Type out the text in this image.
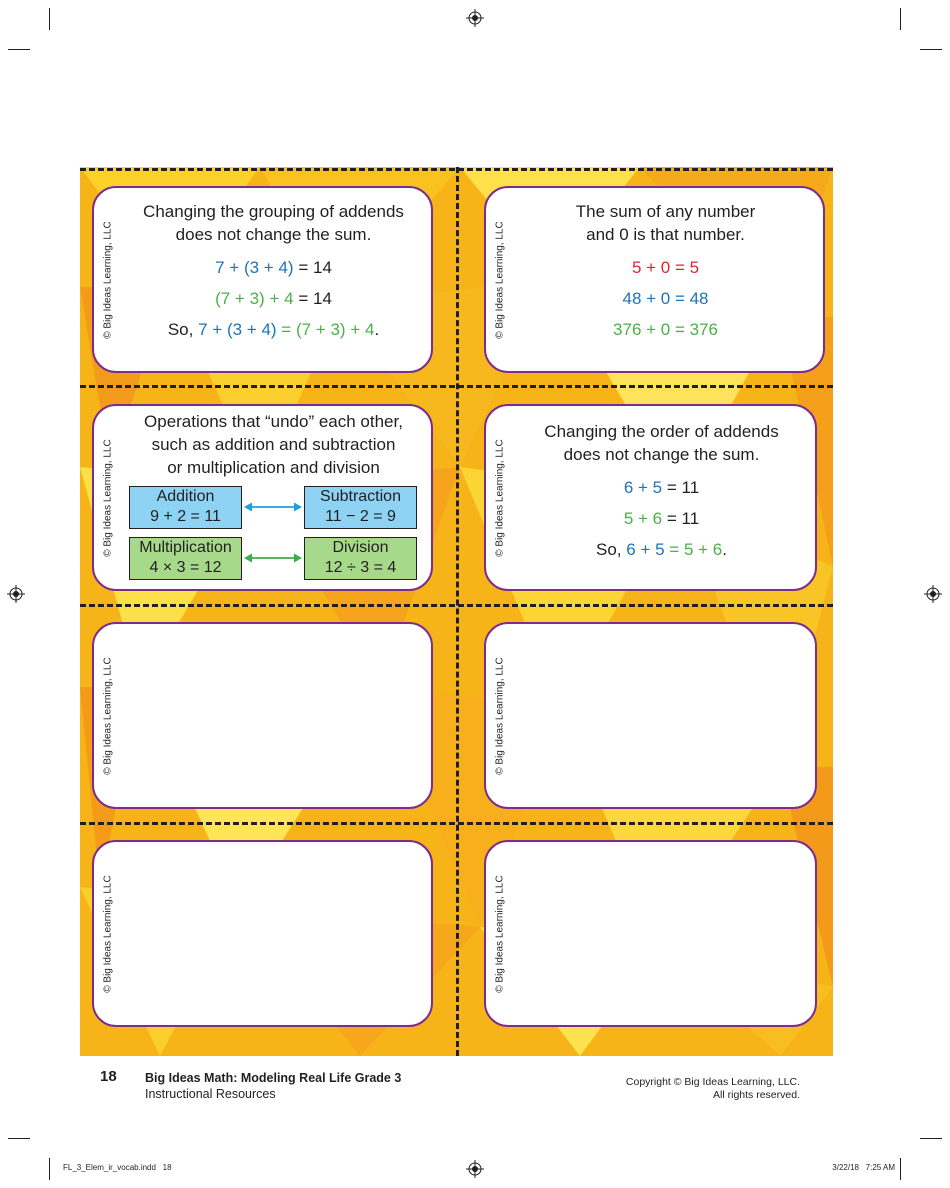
© Big Ideas Learning, LLC
Changing the grouping of addends
does not change the sum.
7 + (3 + 4) = 14
(7 + 3) + 4 = 14
So, 7 + (3 + 4) = (7 + 3) + 4.	© Big Ideas Learning, LLC
The sum of any number
and 0 is that number.
5 + 0 = 5
48 + 0 = 48
376 + 0 = 376
© Big Ideas Learning, LLC
Operations that “undo” each other,
such as addition and subtraction
or multiplication and division
Addition
9 + 2 = 11
Subtraction
11 − 2 = 9
Multiplication
4 × 3 = 12
Division
12 ÷ 3 = 4
© Big Ideas Learning, LLC
Changing the order of addends
does not change the sum.
6 + 5 = 11
5 + 6 = 11
So, 6 + 5 = 5 + 6.
© Big Ideas Learning, LLC	© Big Ideas Learning, LLC
© Big Ideas Learning, LLC	© Big Ideas Learning, LLC
18 Big Ideas Math: Modeling Real Life Grade 3
Instructional Resources
Copyright © Big Ideas Learning, LLC.
All rights reserved.
FL_3_Elem_ir_vocab.indd   18	3/22/18   7:25 AM
